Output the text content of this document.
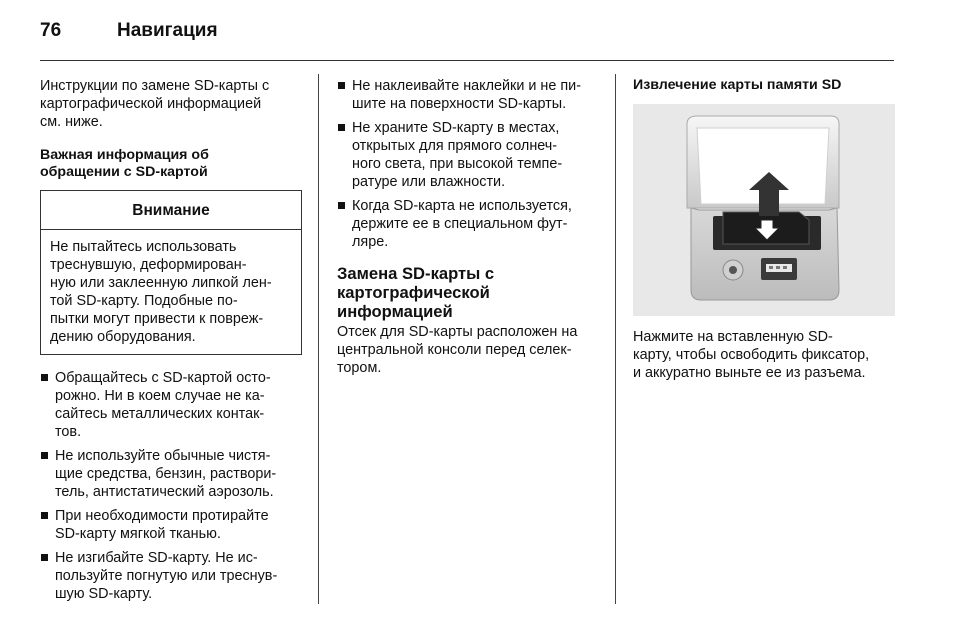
76	Навигация

Инструкции по замене SD-карты с
картографической информацией
см. ниже.

Важная информация об
обращении с SD-картой

Внимание
Не пытайтесь использовать
треснувшую, деформирован-
ную или заклеенную липкой лен-
той SD-карту. Подобные по-
пытки могут привести к повреж-
дению оборудования.
Обращайтесь с SD-картой осто-
рожно. Ни в коем случае не ка-
сайтесь металлических контак-
тов.
Не используйте обычные чистя-
щие средства, бензин, раствори-
тель, антистатический аэрозоль.
При необходимости протирайте
SD-карту мягкой тканью.
Не изгибайте SD-карту. Не ис-
пользуйте погнутую или треснув-
шую SD-карту.
Не наклеивайте наклейки и не пи-
шите на поверхности SD-карты.
Не храните SD-карту в местах,
открытых для прямого солнеч-
ного света, при высокой темпе-
ратуре или влажности.
Когда SD-карта не используется,
держите ее в специальном фут-
ляре.

Замена SD-карты с
картографической
информацией

Отсек для SD-карты расположен на
центральной консоли перед селек-
тором.

Извлечение карты памяти SD

Нажмите на вставленную SD-
карту, чтобы освободить фиксатор,
и аккуратно выньте ее из разъема.
